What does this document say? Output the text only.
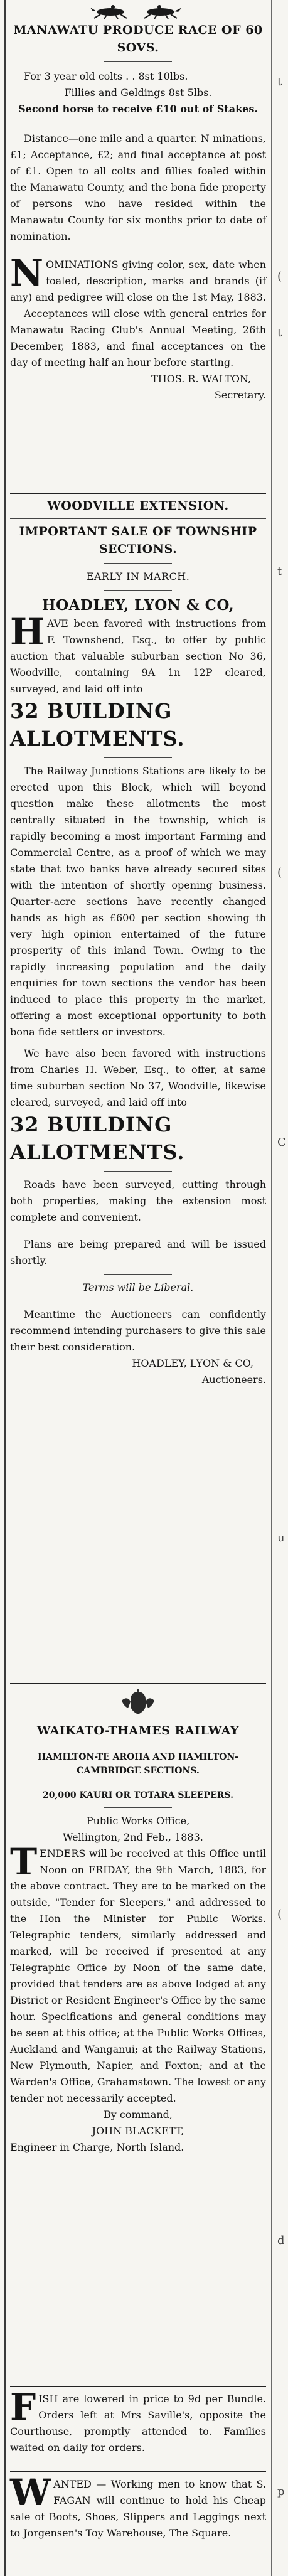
t
(
t
t
(
C
u
(
d
p

MANAWATU PRODUCE RACE OF 60 SOVS.

For 3 year old colts . . 8st 10lbs.

Fillies and Geldings 8st 5lbs.

Second horse to receive £10 out of Stakes.

Distance—one mile and a quarter. N minations, £1; Acceptance, £2; and final acceptance at post of £1. Open to all colts and fillies foaled within the Manawatu County, and the bona fide property of persons who have resided within the Manawatu County for six months prior to date of nomination.

NOMINATIONS giving color, sex, date when foaled, description, marks and brands (if any) and pedigree will close on the 1st May, 1883.

Acceptances will close with general entries for Manawatu Racing Club's Annual Meeting, 26th December, 1883, and final acceptances on the day of meeting half an hour before starting.

THOS. R. WALTON,

Secretary.

WOODVILLE EXTENSION.

IMPORTANT SALE OF TOWNSHIP SECTIONS.

EARLY IN MARCH.

HOADLEY, LYON & CO,

HAVE been favored with instructions from F. Townshend, Esq., to offer by public auction that valuable suburban section No 36, Woodville, containing 9A 1n 12P cleared, surveyed, and laid off into

32 BUILDING ALLOTMENTS.

The Railway Junctions Stations are likely to be erected upon this Block, which will beyond question make these allotments the most centrally situated in the township, which is rapidly becoming a most important Farming and Commercial Centre, as a proof of which we may state that two banks have already secured sites with the intention of shortly opening business. Quarter-acre sections have recently changed hands as high as £600 per section showing th very high opinion entertained of the future prosperity of this inland Town. Owing to the rapidly increasing population and the daily enquiries for town sections the vendor has been induced to place this property in the market, offering a most exceptional opportunity to both bona fide settlers or investors.

We have also been favored with instructions from Charles H. Weber, Esq., to offer, at same time suburban section No 37, Woodville, likewise cleared, surveyed, and laid off into

32 BUILDING ALLOTMENTS.

Roads have been surveyed, cutting through both properties, making the extension most complete and convenient.

Plans are being prepared and will be issued shortly.

Terms will be Liberal.

Meantime the Auctioneers can confidently recommend intending purchasers to give this sale their best consideration.

HOADLEY, LYON & CO,

Auctioneers.

WAIKATO-THAMES RAILWAY

HAMILTON-TE AROHA AND HAMILTON-CAMBRIDGE SECTIONS.

20,000 KAURI OR TOTARA SLEEPERS.

Public Works Office,

Wellington, 2nd Feb., 1883.

TENDERS will be received at this Office until Noon on FRIDAY, the 9th March, 1883, for the above contract. They are to be marked on the outside, "Tender for Sleepers," and addressed to the Hon the Minister for Public Works. Telegraphic tenders, similarly addressed and marked, will be received if presented at any Telegraphic Office by Noon of the same date, provided that tenders are as above lodged at any District or Resident Engineer's Office by the same hour. Specifications and general conditions may be seen at this office; at the Public Works Offices, Auckland and Wanganui; at the Railway Stations, New Plymouth, Napier, and Foxton; and at the Warden's Office, Grahamstown. The lowest or any tender not necessarily accepted.

By command,

JOHN BLACKETT,

Engineer in Charge, North Island.

FISH are lowered in price to 9d per Bundle. Orders left at Mrs Saville's, opposite the Courthouse, promptly attended to. Families waited on daily for orders.

WANTED — Working men to know that S. FAGAN will continue to hold his Cheap sale of Boots, Shoes, Slippers and Leggings next to Jorgensen's Toy Warehouse, The Square.
